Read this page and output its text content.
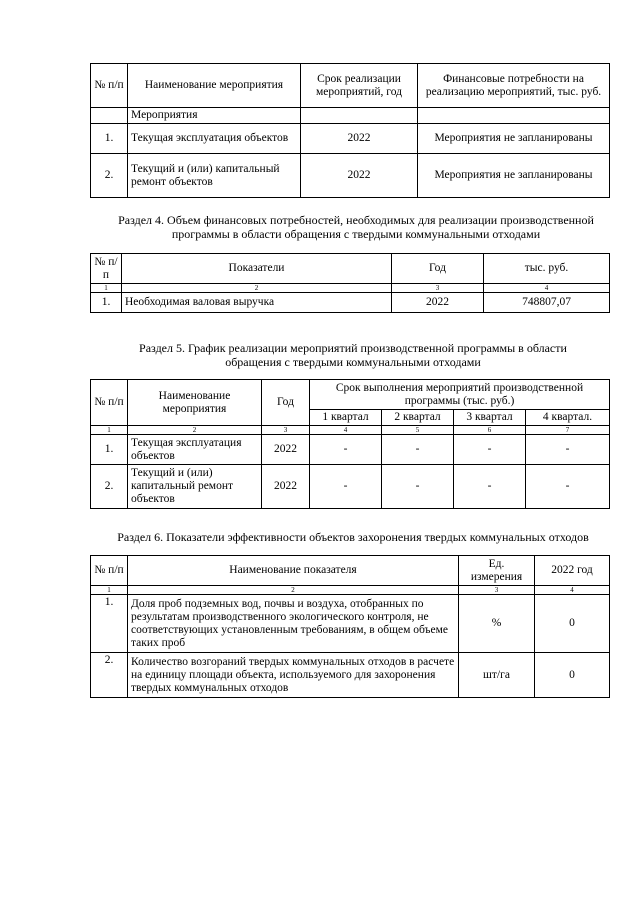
№ п/п	Наименование мероприятия	Срок реализации мероприятий, год	Финансовые потребности на реализацию мероприятий, тыс. руб.
	Мероприятия		
1.	Текущая эксплуатация объектов	2022	Мероприятия не запланированы
2.	Текущий и (или) капитальный ремонт объектов	2022	Мероприятия не запланированы
Раздел 4. Объем финансовых потребностей, необходимых для реализации производственной программы в области обращения с твердыми коммунальными отходами
№ п/п	Показатели	Год	тыс. руб.
1	2	3	4
1.	Необходимая валовая выручка	2022	748807,07
Раздел 5. График реализации мероприятий производственной программы в области обращения с твердыми коммунальными отходами
№ п/п	Наименование мероприятия	Год	Срок выполнения мероприятий производственной программы (тыс. руб.)			
			1 квартал	2 квартал	3 квартал	4 квартал.
1	2	3	4	5	6	7
1.	Текущая эксплуатация объектов	2022	-	-	-	-
2.	Текущий и (или) капитальный ремонт объектов	2022	-	-	-	-
Раздел 6. Показатели эффективности объектов захоронения твердых коммунальных отходов
№ п/п	Наименование показателя	Ед. измерения	2022 год
1	2	3	4
1.	Доля проб подземных вод, почвы и воздуха, отобранных по результатам производственного экологического контроля, не соответствующих установленным требованиям, в общем объеме таких проб	%	0
2.	Количество возгораний твердых коммунальных отходов в расчете на единицу площади объекта, используемого для захоронения твердых коммунальных отходов	шт/га	0
